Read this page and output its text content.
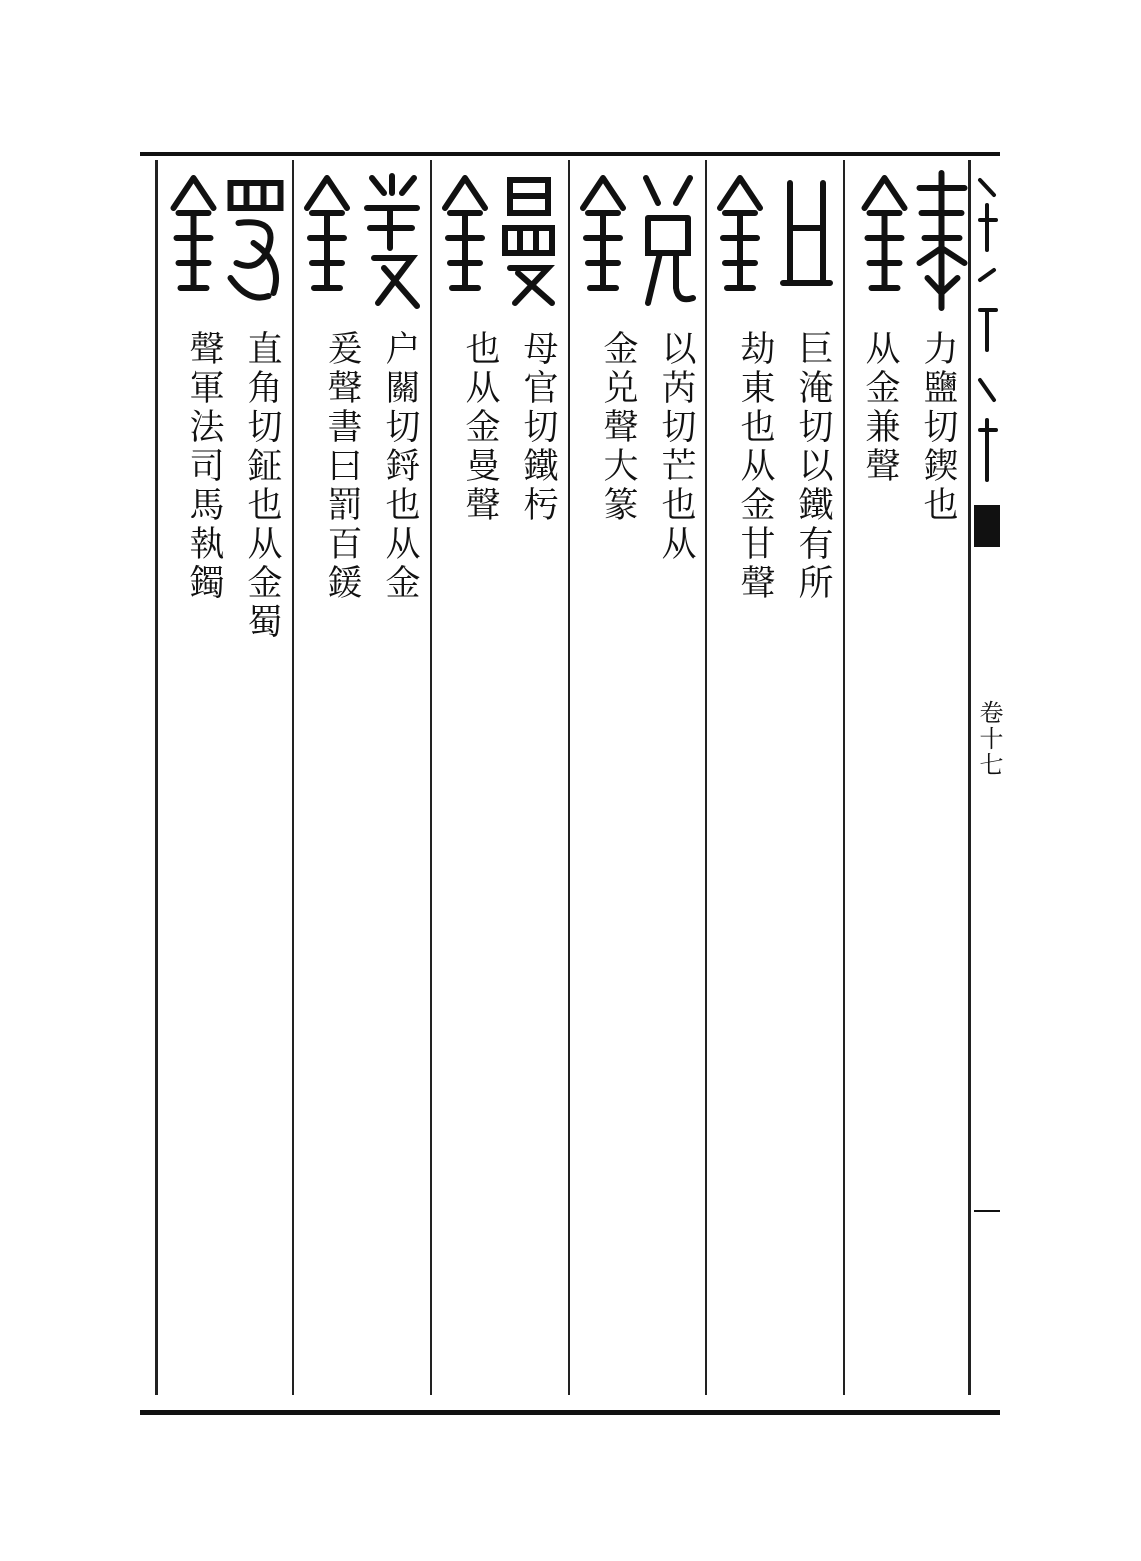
力鹽切鍥也
从金兼聲
巨淹切以鐵有所
劫東也从金甘聲
以芮切芒也从
金兑聲大篆
母官切鐵杇
也从金曼聲
户關切鋝也从金
爰聲書曰罰百鍰
直角切鉦也从金蜀
聲軍法司馬執鐲
卷十七
